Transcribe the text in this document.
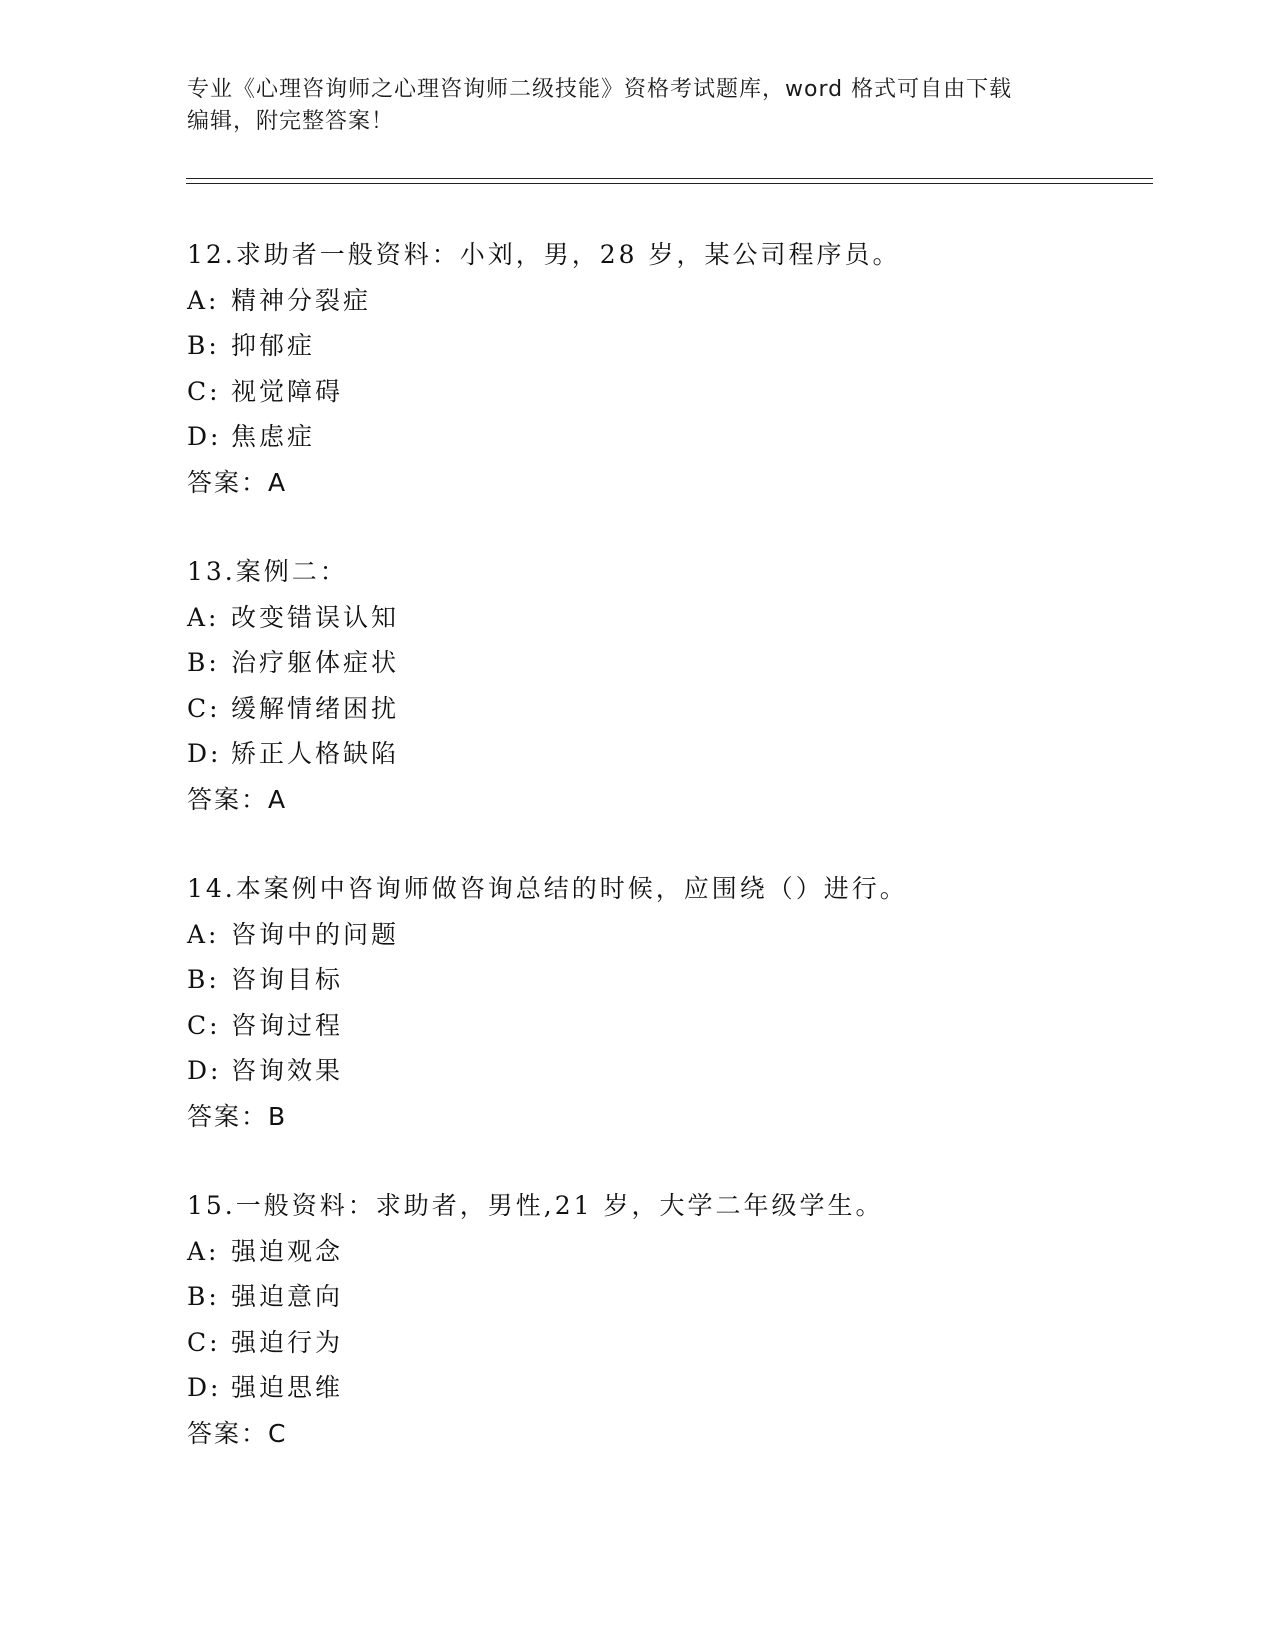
专业《心理咨询师之心理咨询师二级技能》资格考试题库，word 格式可自由下载
编辑，附完整答案！
12.求助者一般资料：小刘，男，28 岁，某公司程序员。
A: 精神分裂症
B: 抑郁症
C: 视觉障碍
D: 焦虑症
答案：A
13.案例二：
A: 改变错误认知
B: 治疗躯体症状
C: 缓解情绪困扰
D: 矫正人格缺陷
答案：A
14.本案例中咨询师做咨询总结的时候，应围绕（）进行。
A: 咨询中的问题
B: 咨询目标
C: 咨询过程
D: 咨询效果
答案：B
15.一般资料：求助者，男性,21 岁，大学二年级学生。
A: 强迫观念
B: 强迫意向
C: 强迫行为
D: 强迫思维
答案：C
